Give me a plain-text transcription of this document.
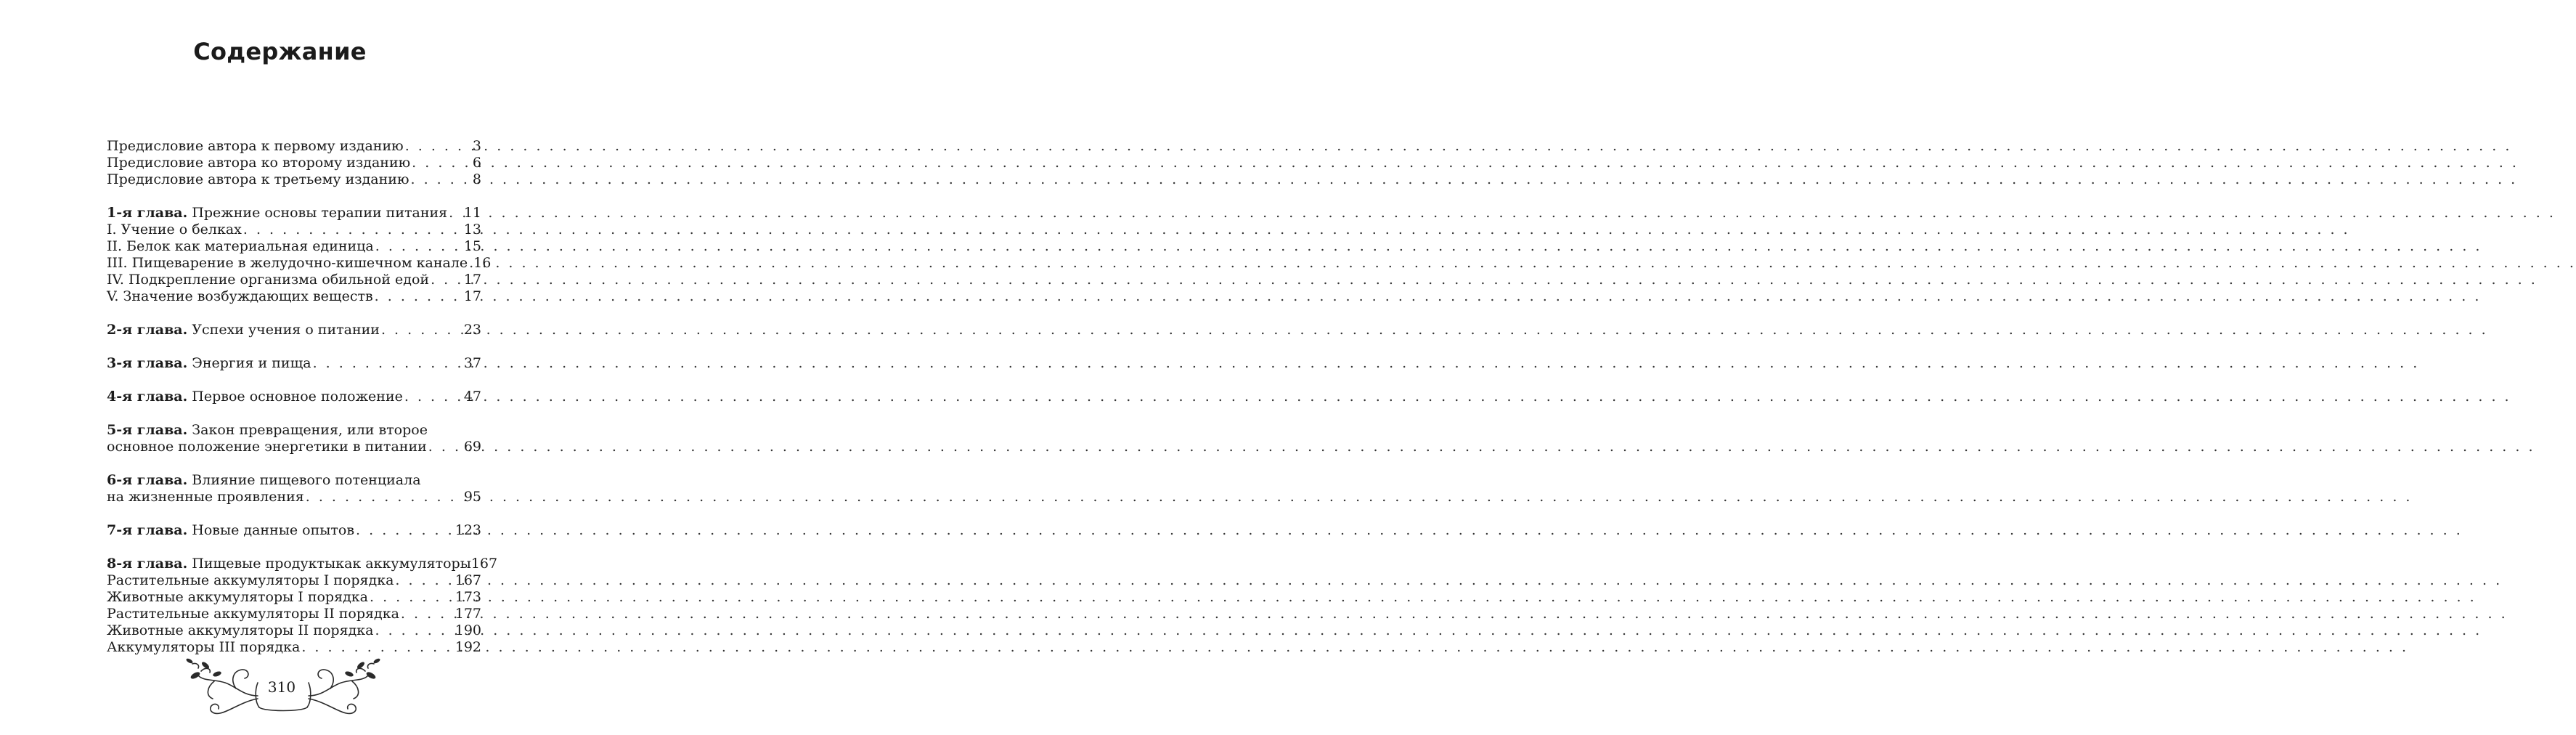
Содержание
Предисловие автора к первому изданию . . .	3
Предисловие автора ко второму изданию . . .	6
Предисловие автора к третьему изданию . . .	8
1-я глава. Прежние основы терапии питания . . . 11
I. Учение о белках . . .	13
II. Белок как материальная единица . . .	15
III. Пищеварение в желудочно-кишечном канале . . . 16
IV. Подкрепление организма обильной едой . . .	17
V. Значение возбуждающих веществ . . .	17
2-я глава. Успехи учения о питании . . .	23
3-я глава. Энергия и пища . . .	37
4-я глава. Первое основное положение . . .	47
5-я глава. Закон превращения, или второе
основное положение энергетики в питании . . .	69
6-я глава. Влияние пищевого потенциала
на жизненные проявления . . .	95
7-я глава. Новые данные опытов . . .	123
8-я глава. Пищевые продуктыкак аккумуляторы 167
Растительные аккумуляторы I порядка . . .	167
Животные аккумуляторы I порядка . . .	173
Растительные аккумуляторы II порядка . . .	177
Животные аккумуляторы II порядка . . .	190
Аккумуляторы III порядка . . .	192
310
